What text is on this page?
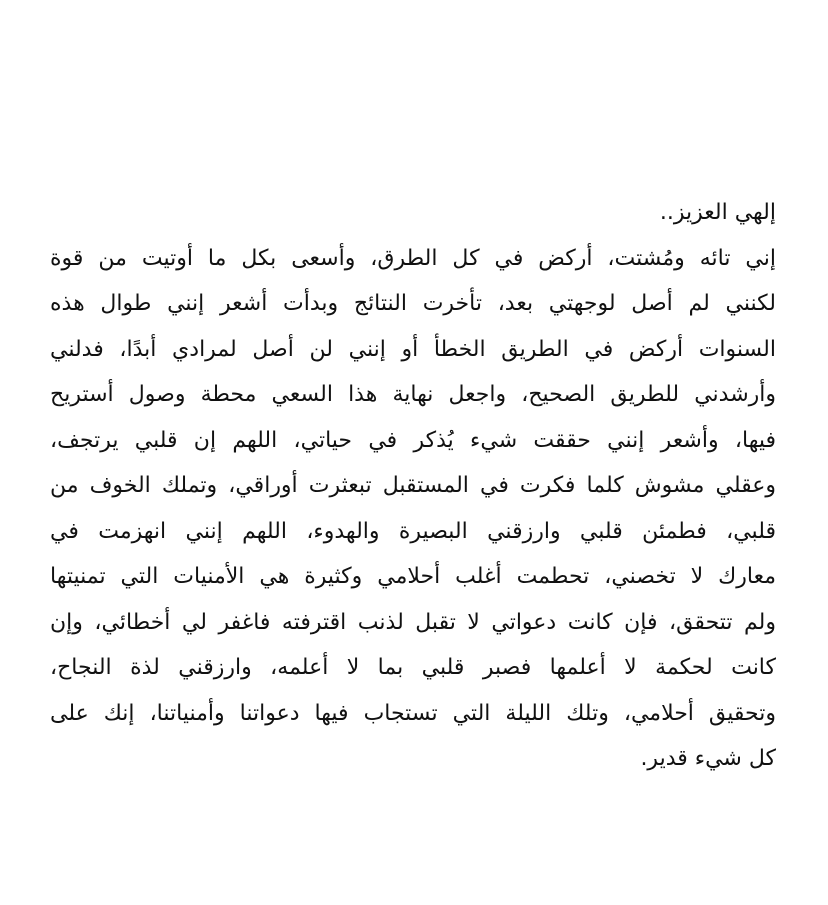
إلهي العزيز..
إني تائه ومُشتت، أركض في كل الطرق، وأسعى بكل ما أوتيت من قوة
لكنني لم أصل لوجهتي بعد، تأخرت النتائج وبدأت أشعر إنني طوال هذه
السنوات أركض في الطريق الخطأ أو إنني لن أصل لمرادي أبدًا، فدلني
وأرشدني للطريق الصحيح، واجعل نهاية هذا السعي محطة وصول أستريح
فيها، وأشعر إنني حققت شيء يُذكر في حياتي، اللهم إن قلبي يرتجف،
وعقلي مشوش كلما فكرت في المستقبل تبعثرت أوراقي، وتملك الخوف من
قلبي، فطمئن قلبي وارزقني البصيرة والهدوء، اللهم إنني انهزمت في
معارك لا تخصني، تحطمت أغلب أحلامي وكثيرة هي الأمنيات التي تمنيتها
ولم تتحقق، فإن كانت دعواتي لا تقبل لذنب اقترفته فاغفر لي أخطائي، وإن
كانت لحكمة لا أعلمها فصبر قلبي بما لا أعلمه، وارزقني لذة النجاح،
وتحقيق أحلامي، وتلك الليلة التي تستجاب فيها دعواتنا وأمنياتنا، إنك على
كل شيء قدير.
